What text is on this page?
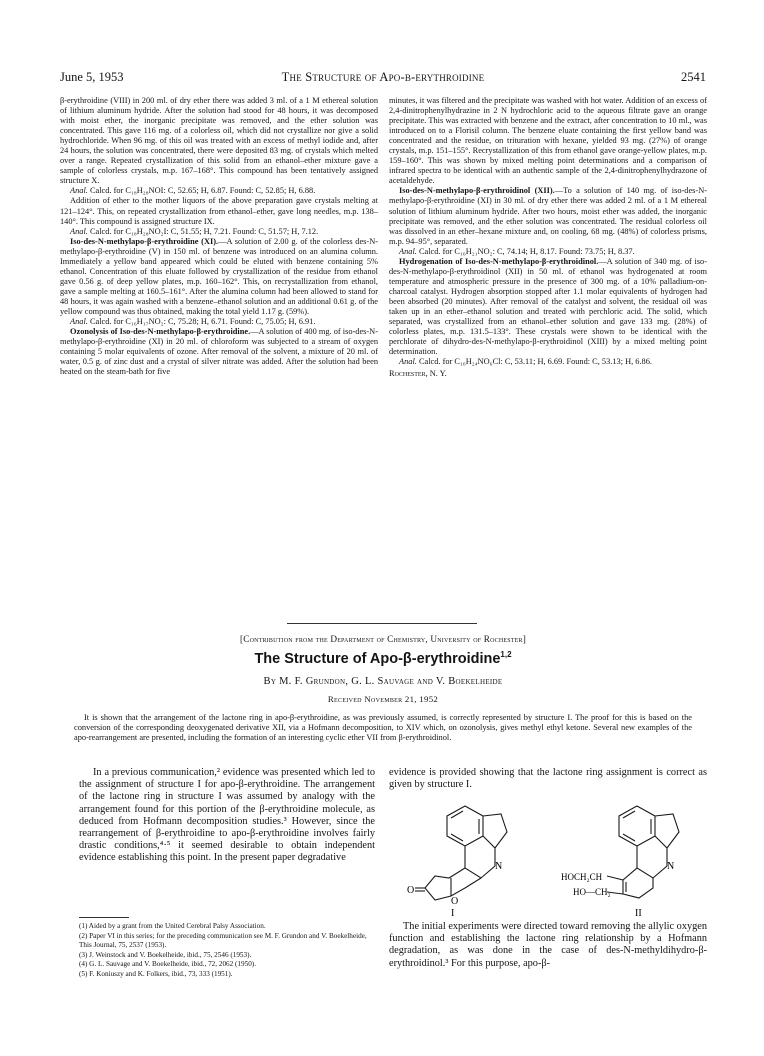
June 5, 1953	The Structure of Apo-β-erythroidine	2541

β-erythroidine (VIII) in 200 ml. of dry ether there was added 3 ml. of a 1 M ethereal solution of lithium aluminum hydride. After the solution had stood for 48 hours, it was decomposed with moist ether, the inorganic precipitate was removed, and the ether solution was concentrated. This gave 116 mg. of a colorless oil, which did not crystallize nor give a solid hydrochloride. When 96 mg. of this oil was treated with an excess of methyl iodide and, after 24 hours, the solution was concentrated, there were deposited 83 mg. of crystals which melted over a range. Repeated crystallization of this solid from an ethanol–ether mixture gave a sample of colorless crystals, m.p. 167–168°. This compound has been tentatively assigned structure X.

Anal. Calcd. for C₁₈H₂₈NOI: C, 52.65; H, 6.87. Found: C, 52.85; H, 6.88.

Addition of ether to the mother liquors of the above preparation gave crystals melting at 121–124°. This, on repeated crystallization from ethanol–ether, gave long needles, m.p. 138–140°. This compound is assigned structure IX.

Anal. Calcd. for C₁₈H₂₈NO₂I: C, 51.55; H, 7.21. Found: C, 51.57; H, 7.12.

Iso-des-N-methylapo-β-erythroidine (XI).—A solution of 2.00 g. of the colorless des-N-methylapo-β-erythroidine (V) in 150 ml. of benzene was introduced on an alumina column. Immediately a yellow band appeared which could be eluted with benzene containing 5% ethanol. Concentration of this eluate followed by crystallization of the residue from ethanol gave 0.56 g. of deep yellow plates, m.p. 160–162°. This, on recrystallization from ethanol, gave a sample melting at 160.5–161°. After the alumina column had been allowed to stand for 48 hours, it was again washed with a benzene–ethanol solution and an additional 0.61 g. of the yellow compound was thus obtained, making the total yield 1.17 g. (59%).

Anal. Calcd. for C₁₆H₁₇NO₂: C, 75.28; H, 6.71. Found: C, 75.05; H, 6.91.

Ozonolysis of Iso-des-N-methylapo-β-erythroidine.—A solution of 400 mg. of iso-des-N-methylapo-β-erythroidine (XI) in 20 ml. of chloroform was subjected to a stream of oxygen containing 5 molar equivalents of ozone. After removal of the solvent, a mixture of 20 ml. of water, 0.5 g. of zinc dust and a crystal of silver nitrate was added. After the solution had been heated on the steam-bath for five

minutes, it was filtered and the precipitate was washed with hot water. Addition of an excess of 2,4-dinitrophenylhydrazine in 2 N hydrochloric acid to the aqueous filtrate gave an orange precipitate. This was extracted with benzene and the extract, after concentration to 10 ml., was introduced on to a Florisil column. The benzene eluate containing the first yellow band was concentrated and the residue, on trituration with hexane, yielded 93 mg. (27%) of orange crystals, m.p. 151–155°. Recrystallization of this from ethanol gave orange-yellow plates, m.p. 159–160°. This was shown by mixed melting point determinations and a comparison of infrared spectra to be identical with an authentic sample of the 2,4-dinitrophenylhydrazone of acetaldehyde.

Iso-des-N-methylapo-β-erythroidinol (XII).—To a solution of 140 mg. of iso-des-N-methylapo-β-erythroidine (XI) in 30 ml. of dry ether there was added 2 ml. of a 1 M ethereal solution of lithium aluminum hydride. After two hours, moist ether was added, the inorganic precipitate was removed, and the ether solution was concentrated. The residual colorless oil was dissolved in an ether–hexane mixture and, on cooling, 68 mg. (48%) of colorless prisms, m.p. 94–95°, separated.

Anal. Calcd. for C₁₆H₂₁NO₂: C, 74.14; H, 8.17. Found: 73.75; H, 8.37.

Hydrogenation of Iso-des-N-methylapo-β-erythroidinol.—A solution of 340 mg. of iso-des-N-methylapo-β-erythroidinol (XII) in 50 ml. of ethanol was hydrogenated at room temperature and atmospheric pressure in the presence of 300 mg. of a 10% palladium-on-charcoal catalyst. Hydrogen absorption stopped after 1.1 molar equivalents of hydrogen had been absorbed (20 minutes). After removal of the catalyst and solvent, the residual oil was taken up in an ether–ethanol solution and treated with perchloric acid. The solid, which separated, was crystallized from an ethanol–ether solution and gave 133 mg. (28%) of colorless plates, m.p. 131.5–133°. These crystals were shown to be identical with the perchlorate of dihydro-des-N-methylapo-β-erythroidinol (XIII) by a mixed melting point determination.

Anal. Calcd. for C₁₆H₂₄NO₆Cl: C, 53.11; H, 6.69. Found: C, 53.13; H, 6.86.

Rochester, N. Y.

[Contribution from the Department of Chemistry, University of Rochester]
The Structure of Apo-β-erythroidine$^{1,2}$
By M. F. Grundon, G. L. Sauvage and V. Boekelheide
Received November 21, 1952
It is shown that the arrangement of the lactone ring in apo-β-erythroidine, as was previously assumed, is correctly represented by structure I. The proof for this is based on the conversion of the corresponding deoxygenated derivative XII, via a Hofmann decomposition, to XIV which, on ozonolysis, gives methyl ethyl ketone. Several new examples of the apo-rearrangement are presented, including the formation of an interesting cyclic ether VII from β-erythroidinol.

In a previous communication,² evidence was presented which led to the assignment of structure I for apo-β-erythroidine. The arrangement of the lactone ring in structure I was assumed by analogy with the arrangement found for this portion of the β-erythroidine molecule, as deduced from Hofmann decomposition studies.³ However, since the rearrangement of β-erythroidine to apo-β-erythroidine involves fairly drastic conditions,⁴·⁵ it seemed desirable to obtain independent evidence establishing this point. In the present paper degradative

(1) Aided by a grant from the United Cerebral Palsy Association.
(2) Paper VI in this series; for the preceding communication see M. F. Grundon and V. Boekelheide, This Journal, 75, 2537 (1953).
(3) J. Weinstock and V. Boekelheide, ibid., 75, 2546 (1953).
(4) G. L. Sauvage and V. Boekelheide, ibid., 72, 2062 (1950).
(5) F. Koniuszy and K. Folkers, ibid., 73, 333 (1951).

evidence is provided showing that the lactone ring assignment is correct as given by structure I.

N
O
O
I
N
HOCH₂CH
HO—CH₂
II

The initial experiments were directed toward removing the allylic oxygen function and establishing the lactone ring relationship by a Hofmann degradation, as was done in the case of des-N-methyldihydro-β-erythroidinol.³ For this purpose, apo-β-
